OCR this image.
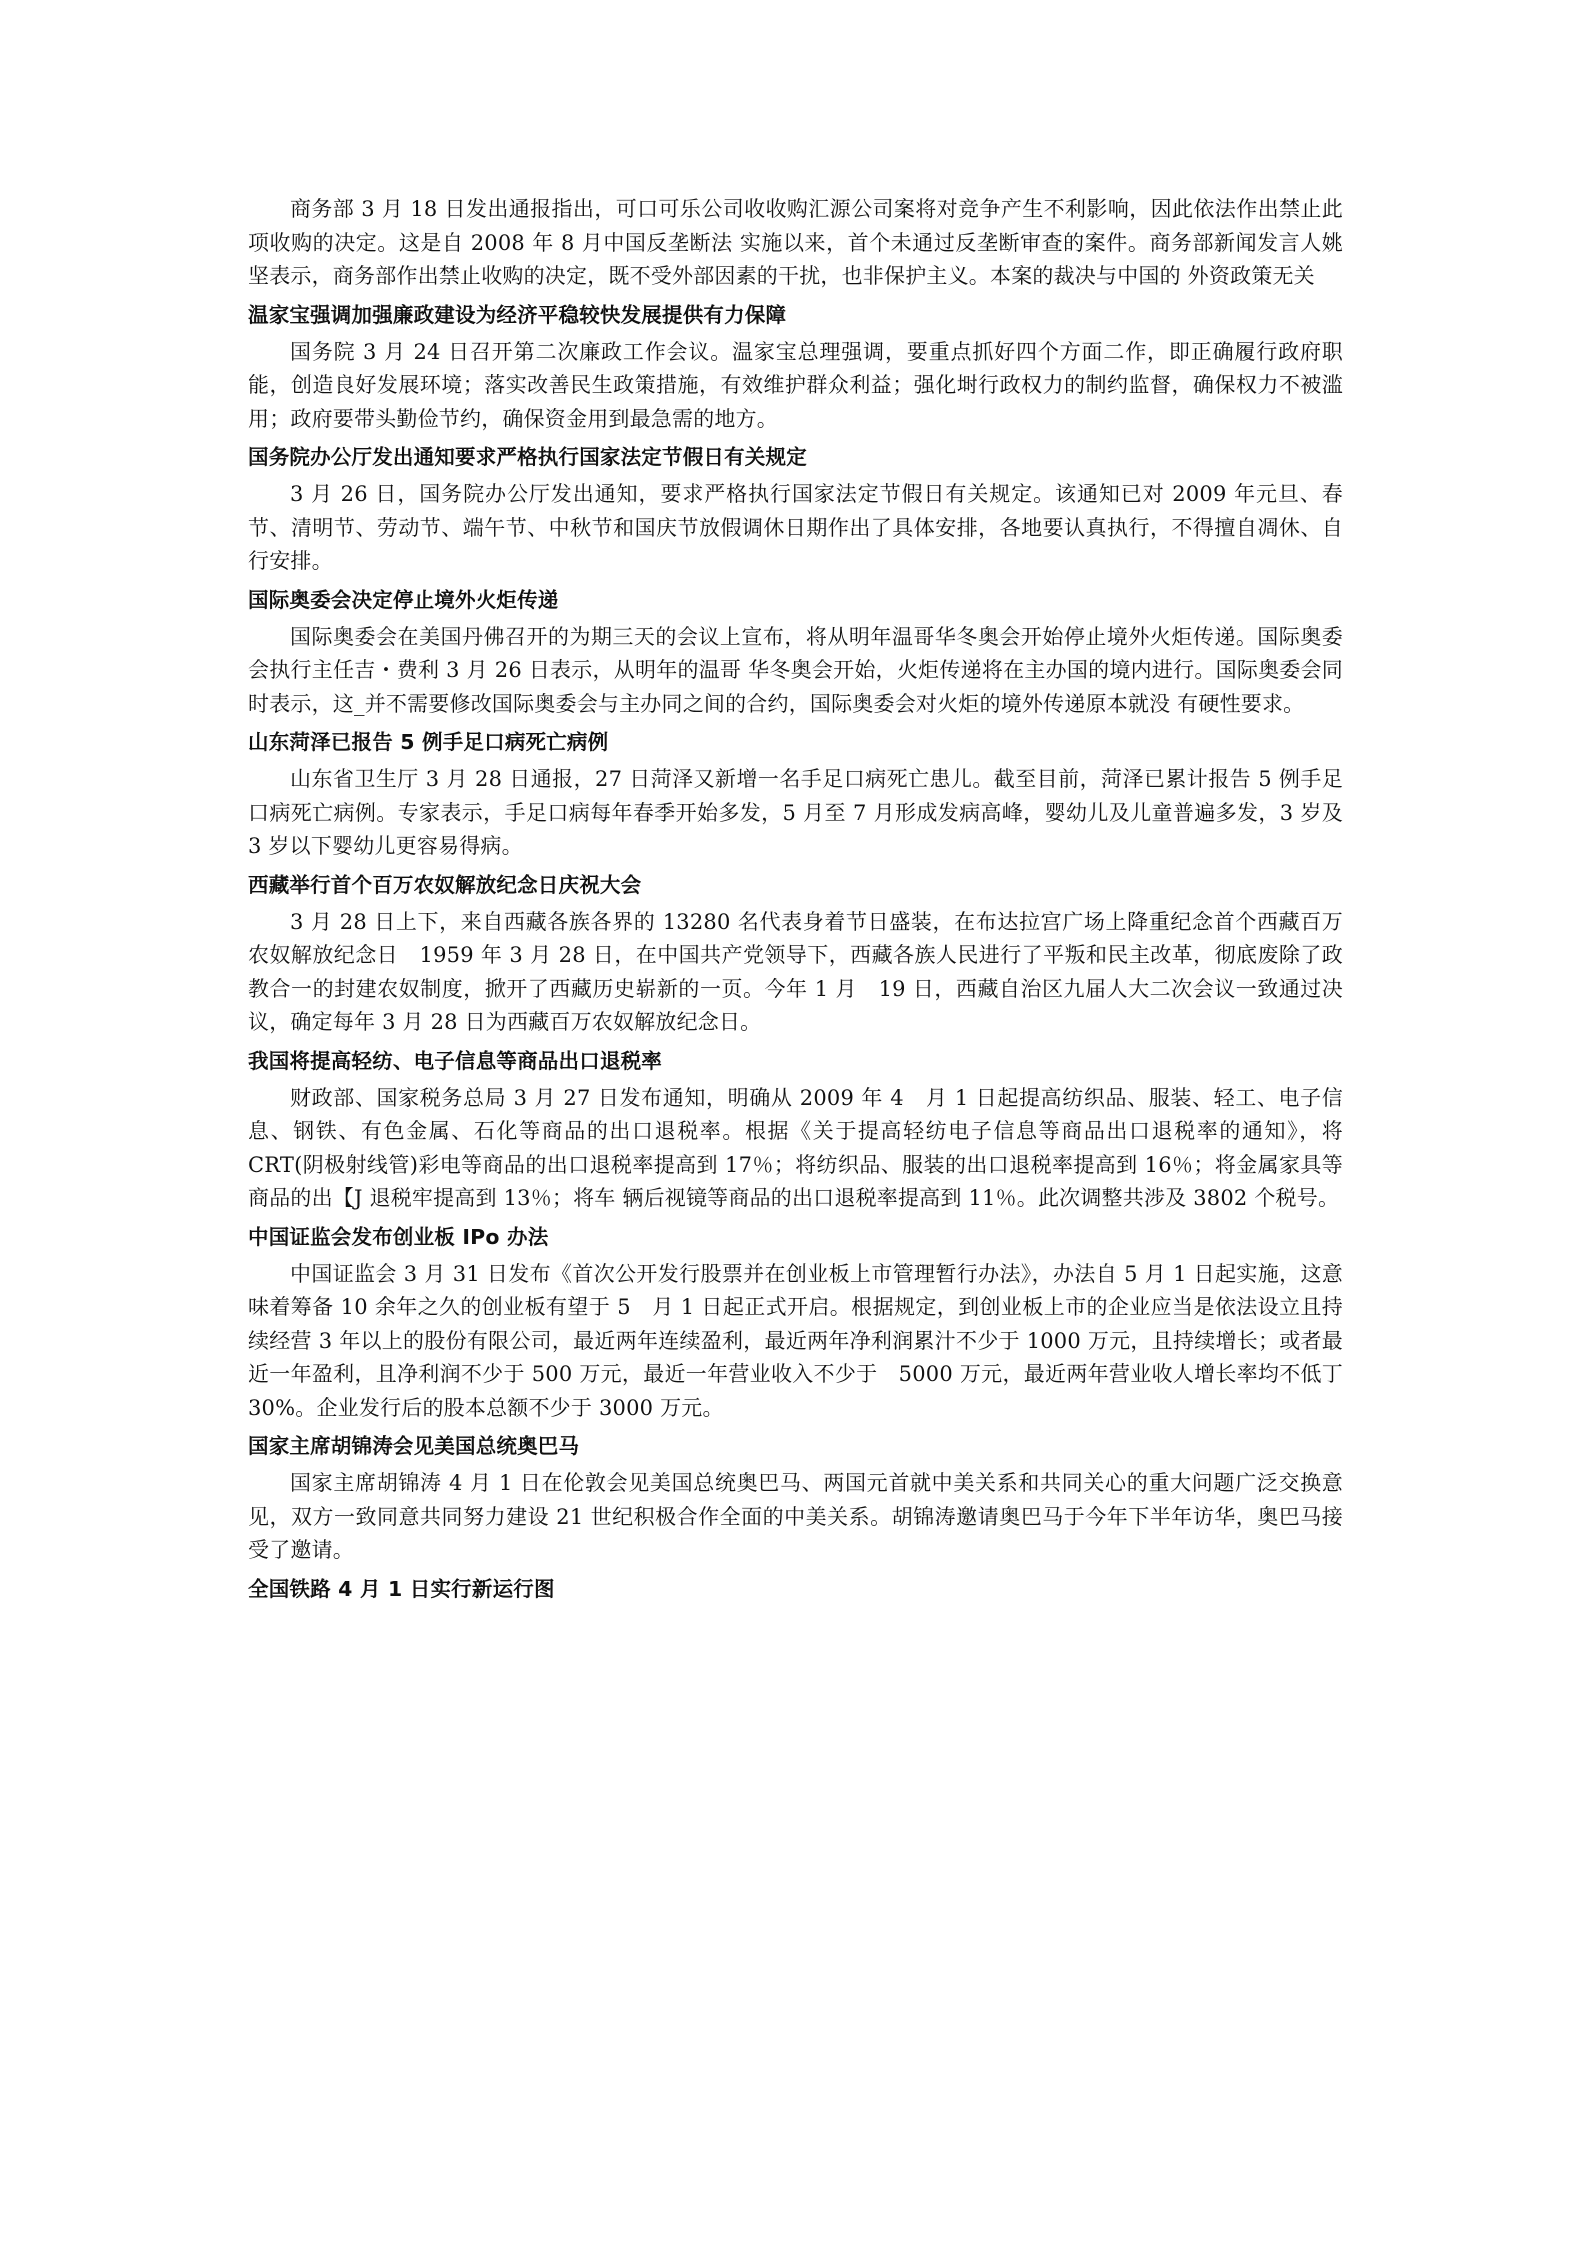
商务部 3 月 18 日发出通报指出，可口可乐公司收收购汇源公司案将对竞争产生不利影响，因此依法作出禁止此项收购的决定。这是自 2008 年 8 月中国反垄断法 实施以来，首个未通过反垄断审查的案件。商务部新闻发言人姚坚表示，商务部作出禁止收购的决定，既不受外部因素的干扰，也非保护主义。本案的裁决与中国的 外资政策无关

温家宝强调加强廉政建设为经济平稳较快发展提供有力保障

国务院 3 月 24 日召开第二次廉政工作会议。温家宝总理强调，要重点抓好四个方面二作，即正确履行政府职能，创造良好发展环境；落实改善民生政策措施，有效维护群众利益；强化埘行政权力的制约监督，确保权力不被滥用；政府要带头勤俭节约，确保资金用到最急需的地方。

国务院办公厅发出通知要求严格执行国家法定节假日有关规定

3 月 26 日，国务院办公厅发出通知，要求严格执行国家法定节假日有关规定。该通知已对 2009 年元旦、春节、清明节、劳动节、端午节、中秋节和国庆节放假调休日期作出了具体安排，各地要认真执行，不得擅自凋休、自行安排。

国际奥委会决定停止境外火炬传递

国际奥委会在美国丹佛召开的为期三天的会议上宣布，将从明年温哥华冬奥会开始停止境外火炬传递。国际奥委会执行主任吉・费利 3 月 26 日表示，从明年的温哥 华冬奥会开始，火炬传递将在主办国的境内进行。国际奥委会同时表示，这_并不需要修改国际奥委会与主办同之间的合约，国际奥委会对火炬的境外传递原本就没 有硬性要求。

山东菏泽已报告 5 例手足口病死亡病例

山东省卫生厅 3 月 28 日通报，27 日菏泽又新增一名手足口病死亡患儿。截至目前，菏泽已累计报告 5 例手足口病死亡病例。专家表示，手足口病每年春季开始多发，5 月至 7 月形成发病高峰，婴幼儿及儿童普遍多发，3 岁及 3 岁以下婴幼儿更容易得病。

西藏举行首个百万农奴解放纪念日庆祝大会

3 月 28 日上下，来自西藏各族各界的 13280 名代表身着节日盛装，在布达拉宫广场上降重纪念首个西藏百万农奴解放纪念日　1959 年 3 月 28 日，在中国共产党领导下，西藏各族人民进行了平叛和民主改革，彻底废除了政教合一的封建农奴制度，掀开了西藏历史崭新的一页。今年 1 月　19 日，西藏自治区九届人大二次会议一致通过决议，确定每年 3 月 28 日为西藏百万农奴解放纪念日。

我国将提高轻纺、电子信息等商品出口退税率

财政部、国家税务总局 3 月 27 日发布通知，明确从 2009 年 4　月 1 日起提高纺织品、服装、轻工、电子信息、钢铁、有色金属、石化等商品的出口退税率。根据《关于提高轻纺电子信息等商品出口退税率的通知》，将 CRT(阴极射线管)彩电等商品的出口退税率提高到 17％；将纺织品、服装的出口退税率提高到 16％；将金属家具等商品的出【J 退税牢提高到 13％；将车 辆后视镜等商品的出口退税率提高到 11％。此次调整共涉及 3802 个税号。

中国证监会发布创业板 IPo 办法

中国证监会 3 月 31 日发布《首次公开发行股票并在创业板上市管理暂行办法》，办法自 5 月 1 日起实施，这意味着筹备 10 余年之久的创业板有望于 5　月 1 日起正式开启。根据规定，到创业板上市的企业应当是依法设立且持续经营 3 年以上的股份有限公司，最近两年连续盈利，最近两年净利润累汁不少于 1000 万元，且持续增长；或者最近一年盈利，且净利润不少于 500 万元，最近一年营业收入不少于　5000 万元，最近两年营业收人增长率均不低丁 30%。企业发行后的股本总额不少于 3000 万元。

国家主席胡锦涛会见美国总统奥巴马

国家主席胡锦涛 4 月 1 日在伦敦会见美国总统奥巴马、两国元首就中美关系和共同关心的重大问题广泛交换意见，双方一致同意共同努力建设 21 世纪积极合作全面的中美关系。胡锦涛邀请奥巴马于今年下半年访华，奥巴马接受了邀请。

全国铁路 4 月 1 日实行新运行图
